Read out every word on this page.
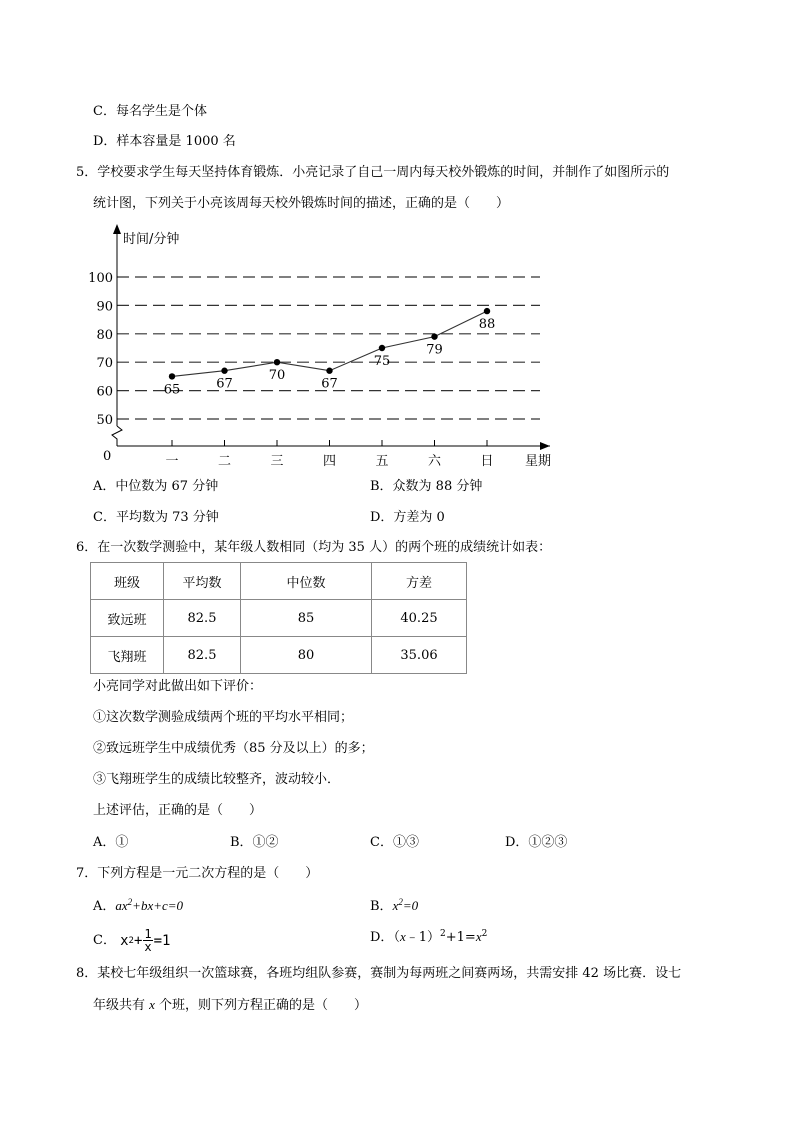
C．每名学生是个体
D．样本容量是 1000 名
5．学校要求学生每天坚持体育锻炼．小亮记录了自己一周内每天校外锻炼的时间，并制作了如图所示的
统计图，下列关于小亮该周每天校外锻炼时间的描述，正确的是（　　）
50
60
70
80
90
100
时间/分钟
0	星期
一	二	三	四	五	六	日
65	67
70
67
75
79
88
A．中位数为 67 分钟	B．众数为 88 分钟
C．平均数为 73 分钟	D．方差为 0
6．在一次数学测验中，某年级人数相同（均为 35 人）的两个班的成绩统计如表：
班级	平均数	中位数	方差
致远班	82.5	85	40.25
飞翔班	82.5	80	35.06
小亮同学对此做出如下评价：
①这次数学测验成绩两个班的平均水平相同；
②致远班学生中成绩优秀（85 分及以上）的多；
③飞翔班学生的成绩比较整齐，波动较小．
上述评估，正确的是（　　）
A．①	B．①②	C．①③	D．①②③
7．下列方程是一元二次方程的是（　　）
A．$ax^2+bx+c=0$	B．$x^2=0$
C． x 2 + 1
x =1	D．$(x﹣1)^2+1=x^2$
8．某校七年级组织一次篮球赛，各班均组队参赛，赛制为每两班之间赛两场，共需安排 42 场比赛．设七
年级共有 x 个班，则下列方程正确的是（　　）
